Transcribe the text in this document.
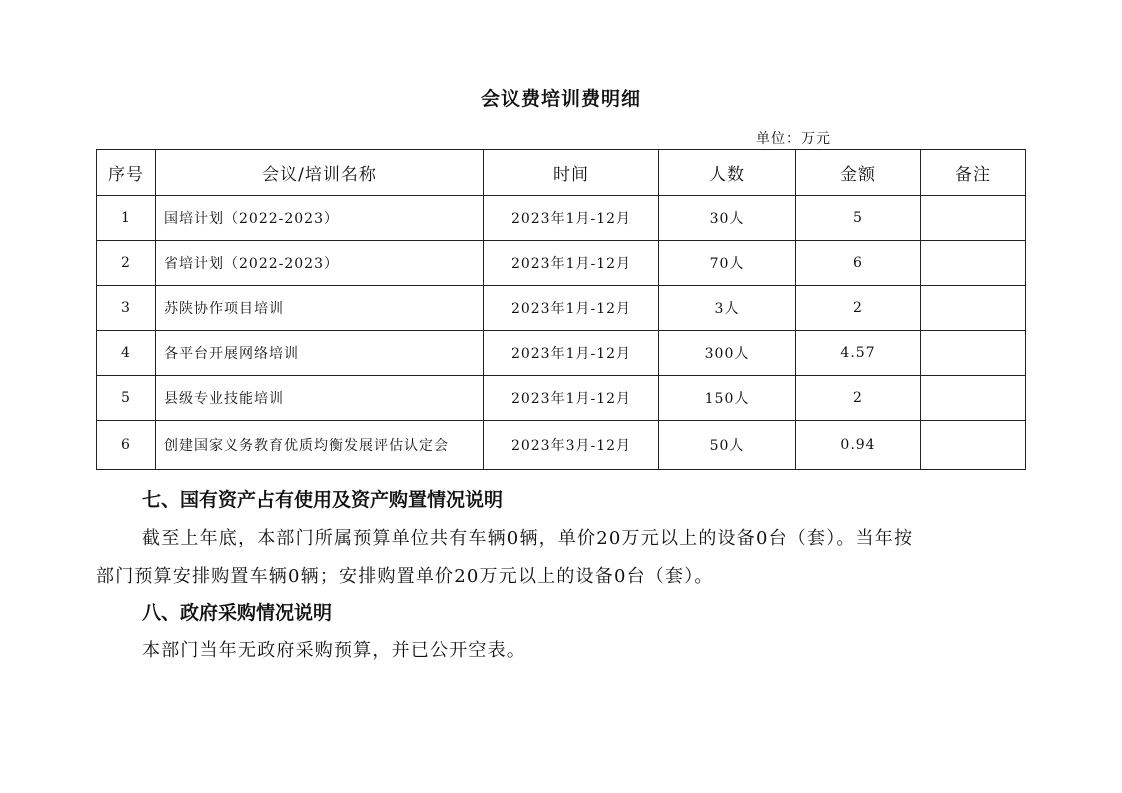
会议费培训费明细
单位：万元
序号	会议/培训名称	时间	人数	金额	备注
1	国培计划（2022-2023）	2023年1月-12月	30人	5	
2	省培计划（2022-2023）	2023年1月-12月	70人	6	
3	苏陕协作项目培训	2023年1月-12月	3人	2	
4	各平台开展网络培训	2023年1月-12月	300人	4.57	
5	县级专业技能培训	2023年1月-12月	150人	2	
6	创建国家义务教育优质均衡发展评估认定会	2023年3月-12月	50人	0.94	
七、国有资产占有使用及资产购置情况说明
截至上年底，本部门所属预算单位共有车辆0辆，单价20万元以上的设备0台（套）。当年按
部门预算安排购置车辆0辆；安排购置单价20万元以上的设备0台（套）。
八、政府采购情况说明
本部门当年无政府采购预算，并已公开空表。
